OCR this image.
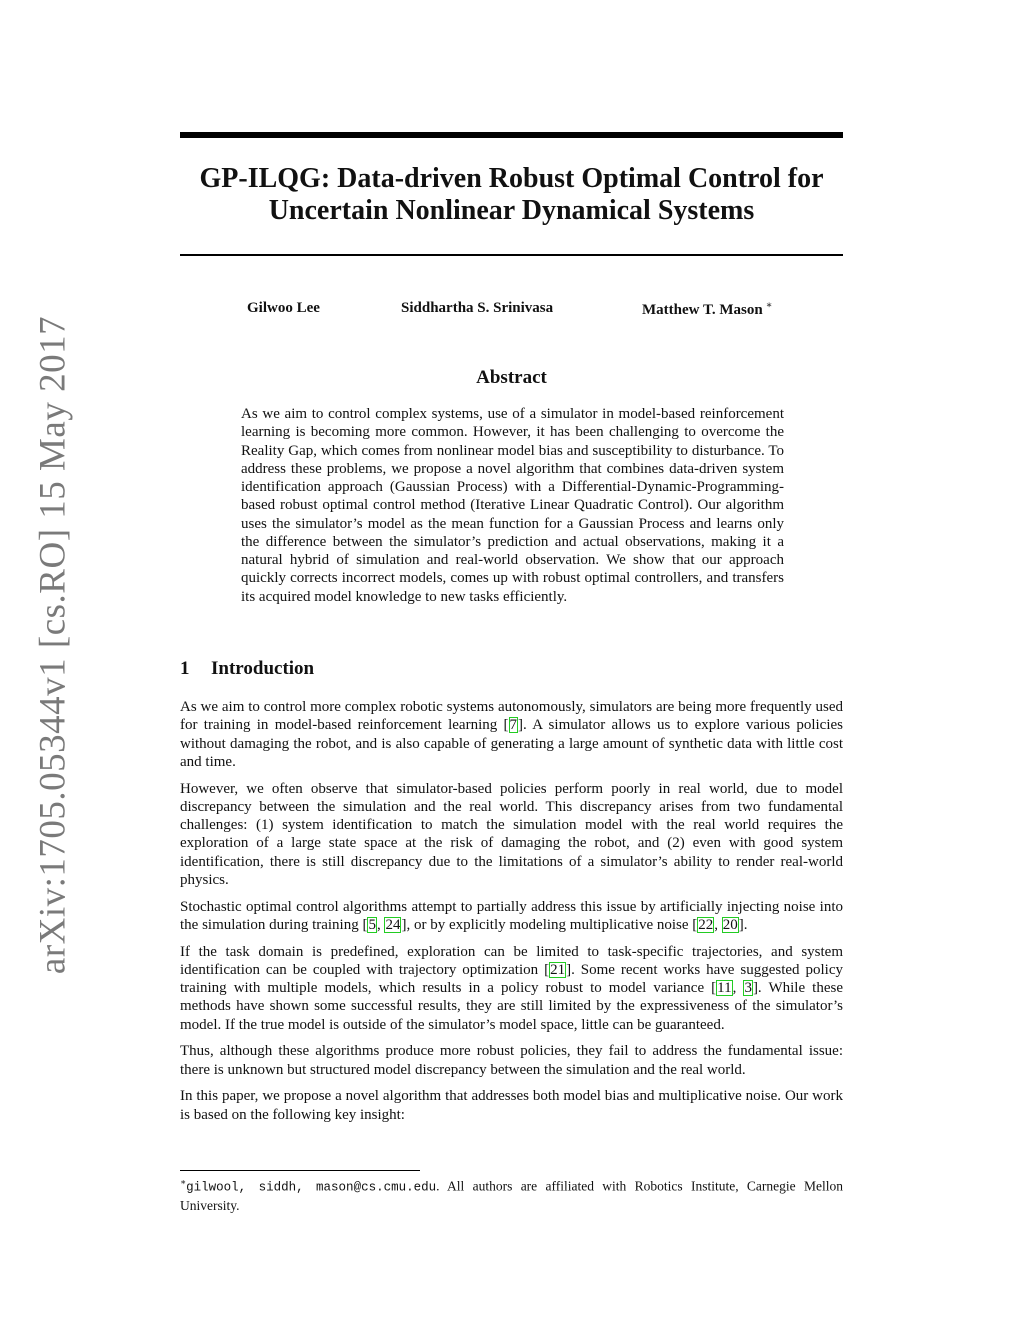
arXiv:1705.05344v1 [cs.RO] 15 May 2017
GP-ILQG: Data-driven Robust Optimal Control for
Uncertain Nonlinear Dynamical Systems
Gilwoo Lee	Siddhartha S. Srinivasa	Matthew T. Mason ∗
Abstract

As we aim to control complex systems, use of a simulator in model-based reinforcement learning is becoming more common. However, it has been challenging to overcome the Reality Gap, which comes from nonlinear model bias and susceptibility to disturbance. To address these problems, we propose a novel algorithm that combines data-driven system identification approach (Gaussian Process) with a Differential-Dynamic-Programming-based robust optimal control method (Iterative Linear Quadratic Control). Our algorithm uses the simulator’s model as the mean function for a Gaussian Process and learns only the difference between the simulator’s prediction and actual observations, making it a natural hybrid of simulation and real-world observation. We show that our approach quickly corrects incorrect models, comes up with robust optimal controllers, and transfers its acquired model knowledge to new tasks efficiently.

1 Introduction

As we aim to control more complex robotic systems autonomously, simulators are being more frequently used for training in model-based reinforcement learning [7]. A simulator allows us to explore various policies without damaging the robot, and is also capable of generating a large amount of synthetic data with little cost and time.

However, we often observe that simulator-based policies perform poorly in real world, due to model discrepancy between the simulation and the real world. This discrepancy arises from two fundamental challenges: (1) system identification to match the simulation model with the real world requires the exploration of a large state space at the risk of damaging the robot, and (2) even with good system identification, there is still discrepancy due to the limitations of a simulator’s ability to render real-world physics.

Stochastic optimal control algorithms attempt to partially address this issue by artificially injecting noise into the simulation during training [5, 24], or by explicitly modeling multiplicative noise [22, 20].

If the task domain is predefined, exploration can be limited to task-specific trajectories, and system identification can be coupled with trajectory optimization [21]. Some recent works have suggested policy training with multiple models, which results in a policy robust to model variance [11, 3]. While these methods have shown some successful results, they are still limited by the expressiveness of the simulator’s model. If the true model is outside of the simulator’s model space, little can be guaranteed.

Thus, although these algorithms produce more robust policies, they fail to address the fundamental issue: there is unknown but structured model discrepancy between the simulation and the real world.

In this paper, we propose a novel algorithm that addresses both model bias and multiplicative noise. Our work is based on the following key insight:

∗gilwool, siddh, mason@cs.cmu.edu. All authors are affiliated with Robotics Institute, Carnegie Mellon University.
